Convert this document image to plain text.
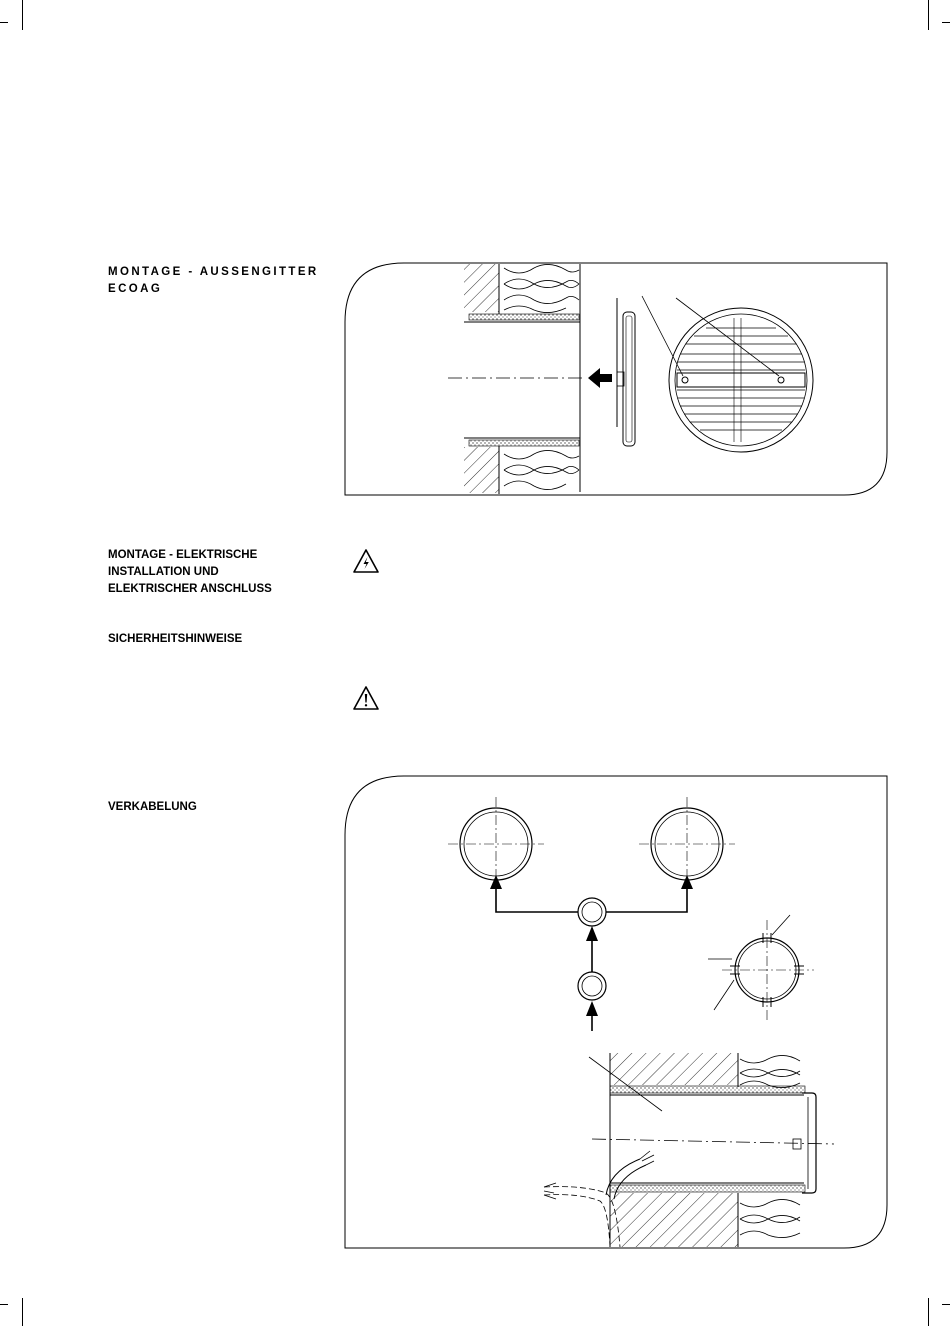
MONTAGE - AUSSENGITTER
ECOAG
MONTAGE - ELEKTRISCHE
INSTALLATION UND
ELEKTRISCHER ANSCHLUSS
SICHERHEITSHINWEISE
VERKABELUNG
